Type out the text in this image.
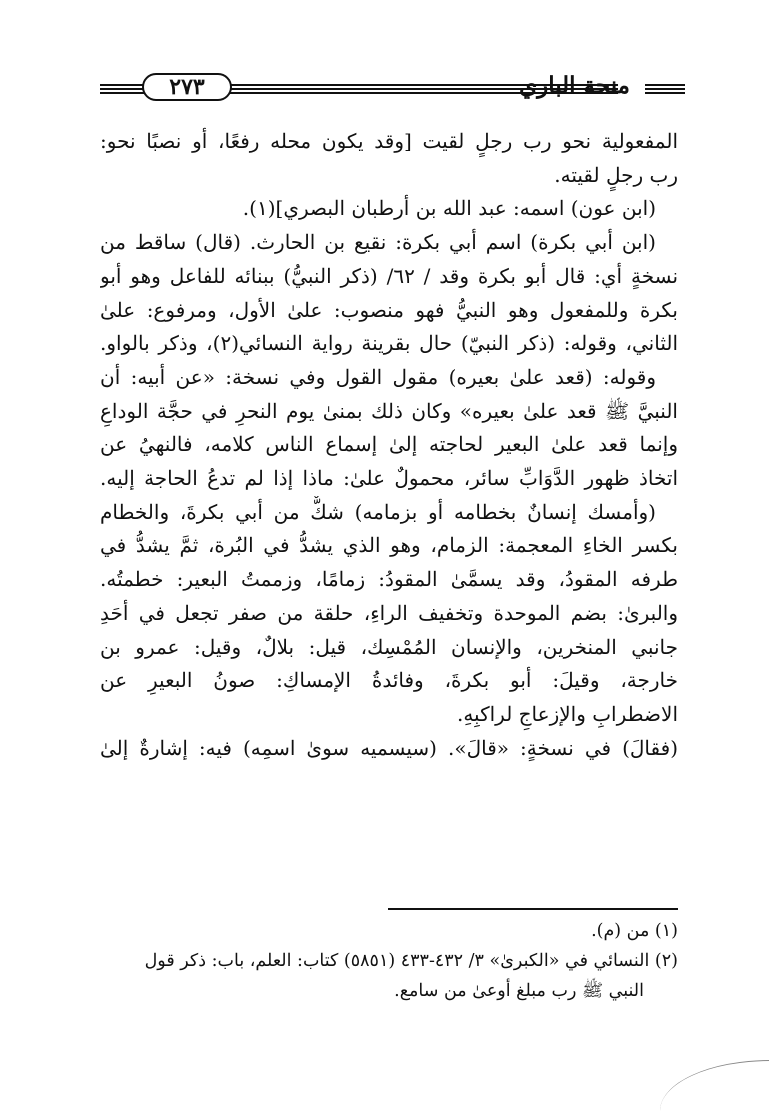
٢٧٣	منحة الباري
المفعولية نحو رب رجلٍ لقيت [وقد يكون محله رفعًا، أو نصبًا نحو:
رب رجلٍ لقيته.
(ابن عون) اسمه: عبد الله بن أرطبان البصري](١).
(ابن أبي بكرة) اسم أبي بكرة: نقيع بن الحارث. (قال) ساقط من
نسخةٍ أي: قال أبو بكرة وقد / ٦٢/ (ذكر النبيُّ) ببنائه للفاعل وهو أبو
بكرة وللمفعول وهو النبيُّ فهو منصوب: علىٰ الأول، ومرفوع: علىٰ
الثاني، وقوله: (ذكر النبيّ) حال بقرينة رواية النسائي(٢)، وذكر بالواو.
وقوله: (قعد علىٰ بعيره) مقول القول وفي نسخة: «عن أبيه: أن
النبيَّ ﷺ قعد علىٰ بعيره» وكان ذلك بمنىٰ يوم النحرِ في حجَّة الوداعِ
وإنما قعد علىٰ البعير لحاجته إلىٰ إسماع الناس كلامه، فالنهيُ عن
اتخاذ ظهور الدَّوَابِّ سائر، محمولٌ علىٰ: ماذا إذا لم تدعُ الحاجة إليه.
(وأمسك إنسانٌ بخطامه أو بزمامه) شكٌّ من أبي بكرةَ، والخطام
بكسر الخاءِ المعجمة: الزمام، وهو الذي يشدُّ في البُرة، ثمَّ يشدُّ في
طرفه المقودُ، وقد يسمَّىٰ المقودُ: زمامًا، وزممتُ البعير: خطمتُه.
والبرىٰ: بضم الموحدة وتخفيف الراءِ، حلقة من صفر تجعل في أحَدِ
جانبي المنخرين، والإنسان المُمْسِك، قيل: بلالٌ، وقيل: عمرو بن
خارجة، وقيلَ: أبو بكرةَ، وفائدةُ الإمساكِ: صونُ البعيرِ عن
الاضطرابِ والإزعاجِ لراكبِهِ.
(فقالَ) في نسخةٍ: «قالَ». (سيسميه سوىٰ اسمِه) فيه: إشارةٌ إلىٰ
(١) من (م).
(٢) النسائي في «الكبرىٰ» ٣/ ٤٣٢-٤٣٣ (٥٨٥١) كتاب: العلم، باب: ذكر قول
النبي ﷺ رب مبلغ أوعىٰ من سامع.
